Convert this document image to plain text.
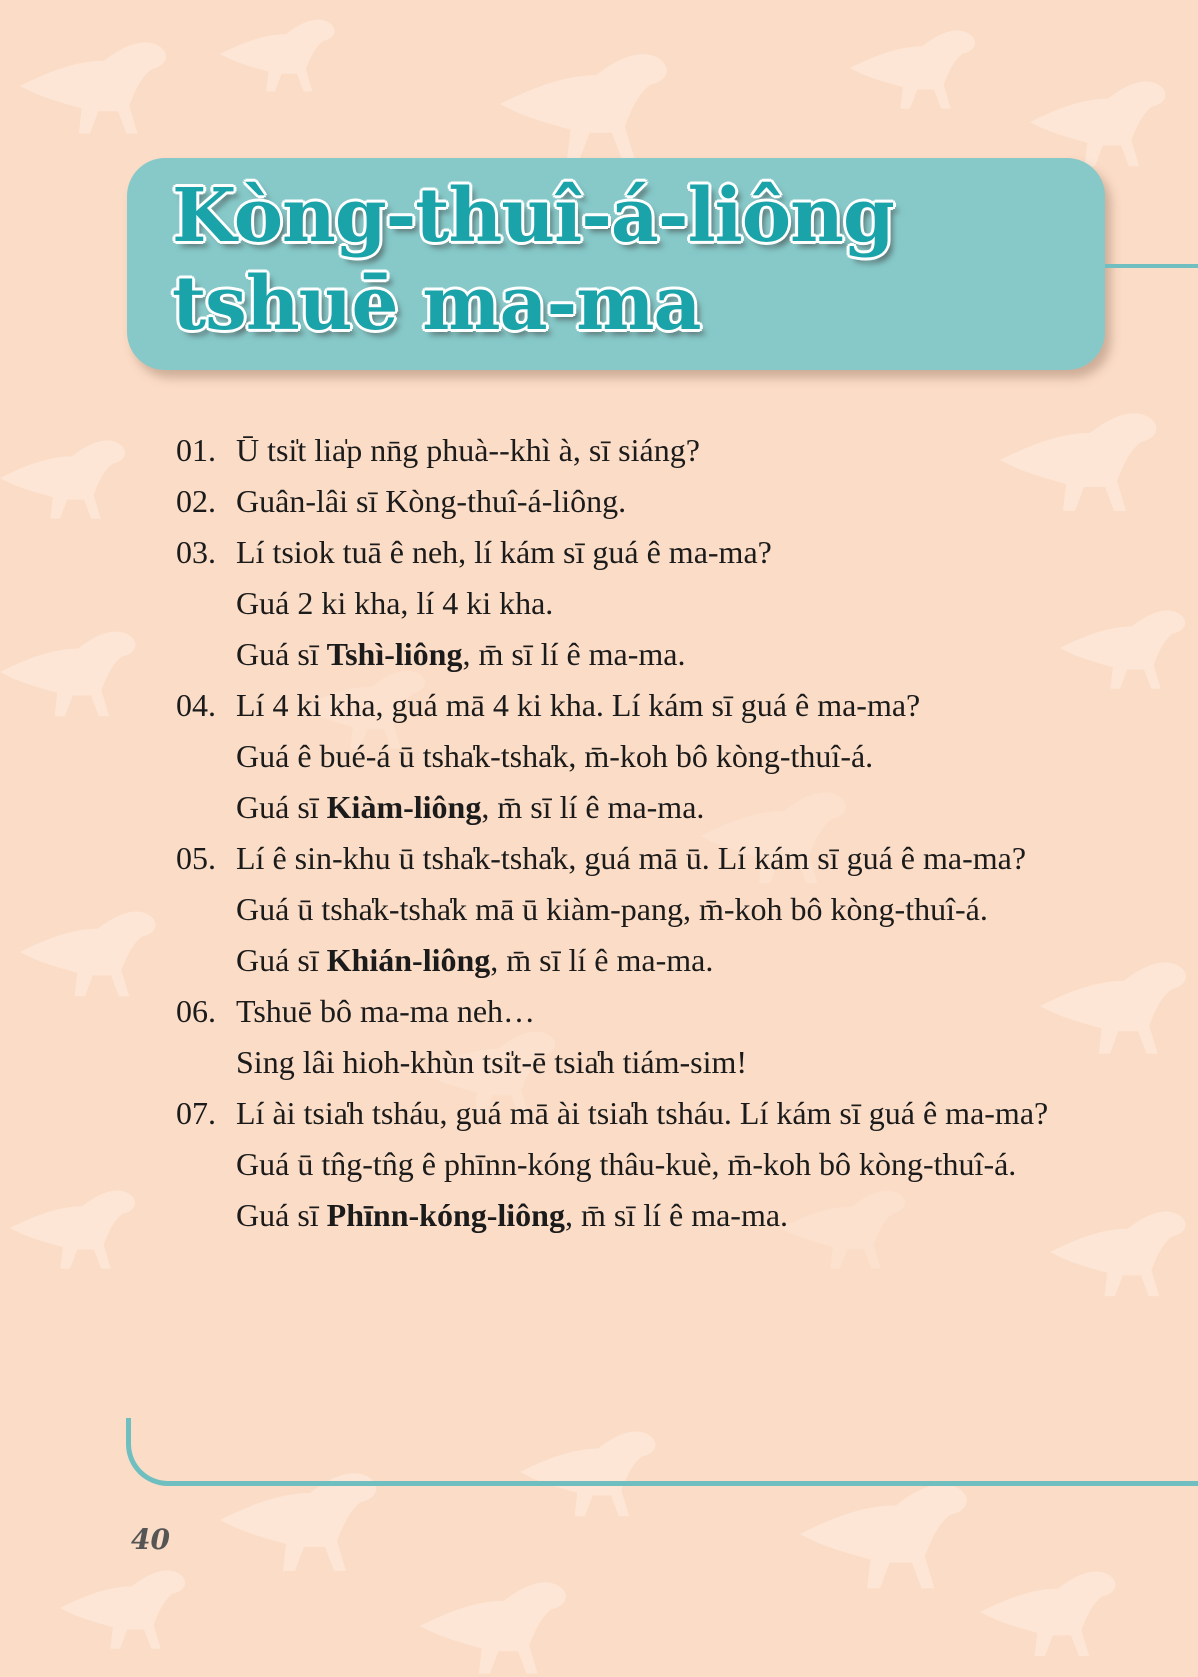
Kòng-thuî-á-liông tshuē ma-ma
01. Ū tsi̍t lia̍p nn̄g phuà--khì à, sī siáng?
02. Guân-lâi sī Kòng-thuî-á-liông.
03. Lí tsiok tuā ê neh, lí kám sī guá ê ma-ma?
Guá 2 ki kha, lí 4 ki kha.
Guá sī Tshì-liông, m̄ sī lí ê ma-ma.
04. Lí 4 ki kha, guá mā 4 ki kha. Lí kám sī guá ê ma-ma?
Guá ê bué-á ū tsha̍k-tsha̍k, m̄-koh bô kòng-thuî-á.
Guá sī Kiàm-liông, m̄ sī lí ê ma-ma.
05. Lí ê sin-khu ū tsha̍k-tsha̍k, guá mā ū. Lí kám sī guá ê ma-ma?
Guá ū tsha̍k-tsha̍k mā ū kiàm-pang, m̄-koh bô kòng-thuî-á.
Guá sī Khián-liông, m̄ sī lí ê ma-ma.
06. Tshuē bô ma-ma neh…
Sing lâi hioh-khùn tsi̍t-ē tsia̍h tiám-sim!
07. Lí ài tsia̍h tsháu, guá mā ài tsia̍h tsháu. Lí kám sī guá ê ma-ma?
Guá ū tn̂g-tn̂g ê phīnn-kóng thâu-kuè, m̄-koh bô kòng-thuî-á.
Guá sī Phīnn-kóng-liông, m̄ sī lí ê ma-ma.
40
